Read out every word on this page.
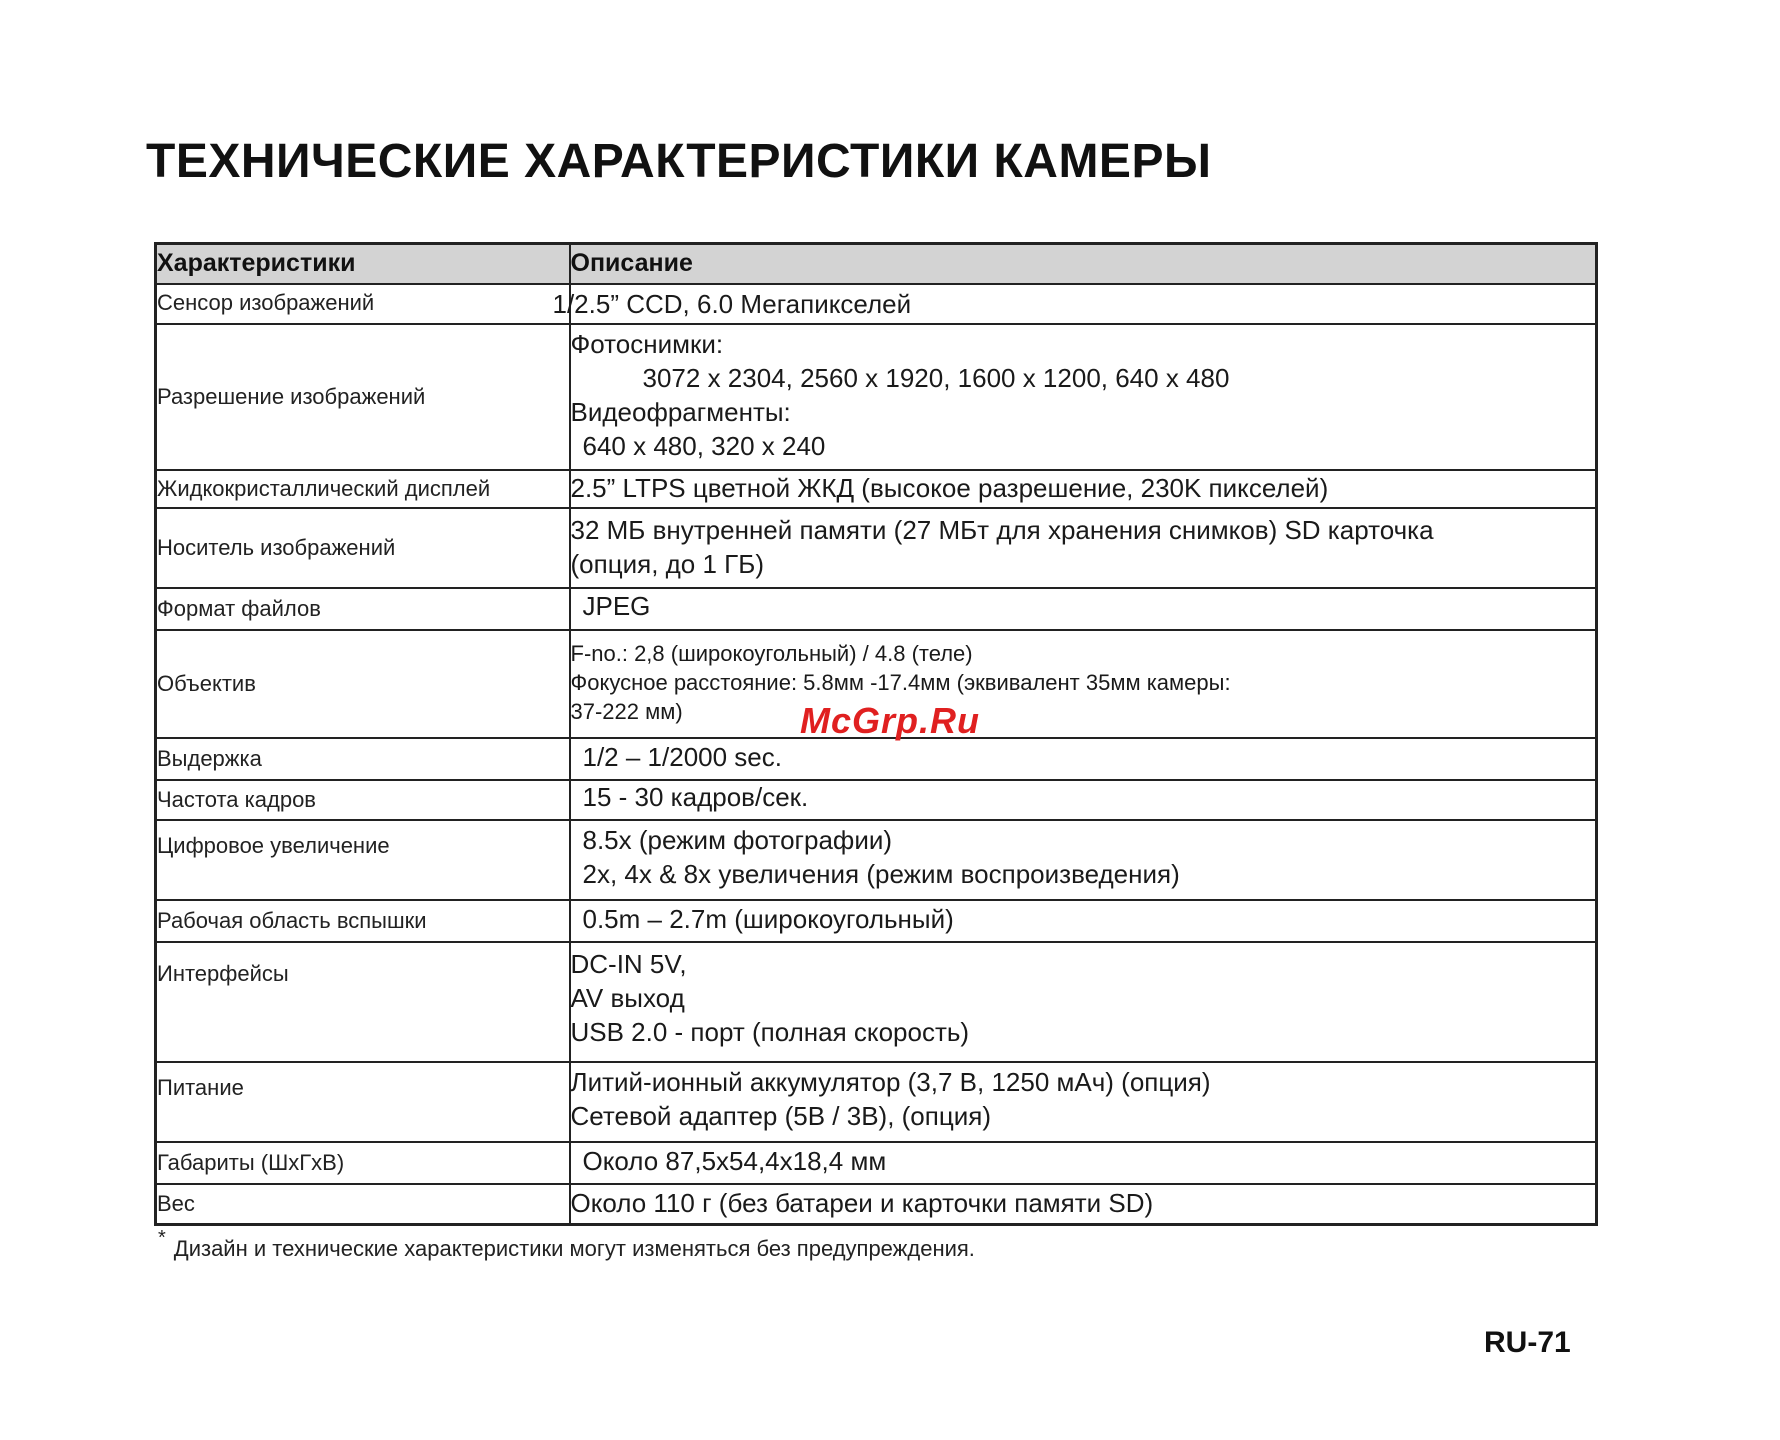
ТЕХНИЧЕСКИЕ ХАРАКТЕРИСТИКИ КАМЕРЫ
Характеристики	Описание

Сенсор изображений	1/2.5” CCD, 6.0 Мегапикселей

Разрешение изображений	Фотоснимки:
3072 x 2304, 2560 x 1920, 1600 x 1200, 640 x 480
Видеофрагменты:
640 x 480, 320 x 240

Жидкокристаллический дисплей	2.5” LTPS цветной ЖКД (высокое разрешение, 230K пикселей)

Носитель изображений	32 МБ внутренней памяти (27 МБт для хранения снимков) SD карточка
(опция, до 1 ГБ)

Формат файлов	JPEG

Объектив	F-no.: 2,8 (широкоугольный) / 4.8 (теле)
Фокусное расстояние: 5.8мм -17.4мм (эквивалент 35мм камеры:
37-222 мм)

Выдержка	1/2 – 1/2000 sec.

Частота кадров	15 - 30 кадров/сек.

Цифровое увеличение	8.5x (режим фотографии)
2x, 4x & 8x увеличения (режим воспроизведения)

Рабочая область вспышки	0.5m – 2.7m (широкоугольный)

Интерфейсы	DC-IN 5V,
AV выход
USB 2.0 - порт (полная скорость)

Питание	Литий-ионный аккумулятор (3,7 В, 1250 мАч) (опция)
Сетевой адаптер (5В / 3В), (опция)

Габариты (ШхГхВ)	Около 87,5x54,4x18,4 мм

Вес	Около 110 г (без батареи и карточки памяти SD)
McGrp.Ru
* Дизайн и технические характеристики могут изменяться без предупреждения.
RU-71
